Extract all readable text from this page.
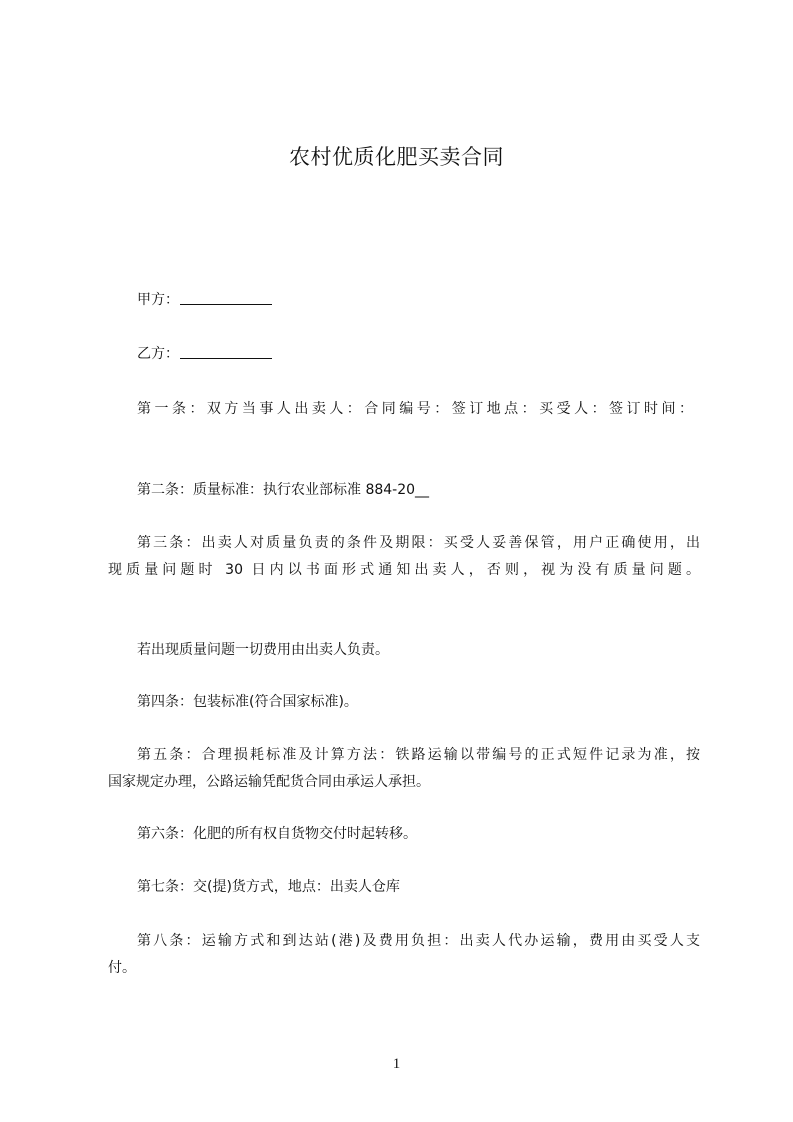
农村优质化肥买卖合同
甲方：
乙方：
第一条：双方当事人出卖人：合同编号：签订地点：买受人：签订时间：
第二条：质量标准：执行农业部标准 884-20__
第三条：出卖人对质量负责的条件及期限：买受人妥善保管，用户正确使用，出
现质量问题时 30 日内以书面形式通知出卖人，否则，视为没有质量问题。
若出现质量问题一切费用由出卖人负责。
第四条：包装标准(符合国家标准)。
第五条：合理损耗标准及计算方法：铁路运输以带编号的正式短件记录为准，按
国家规定办理，公路运输凭配货合同由承运人承担。
第六条：化肥的所有权自货物交付时起转移。
第七条：交(提)货方式，地点：出卖人仓库
第八条：运输方式和到达站(港)及费用负担：出卖人代办运输，费用由买受人支
付。
1
